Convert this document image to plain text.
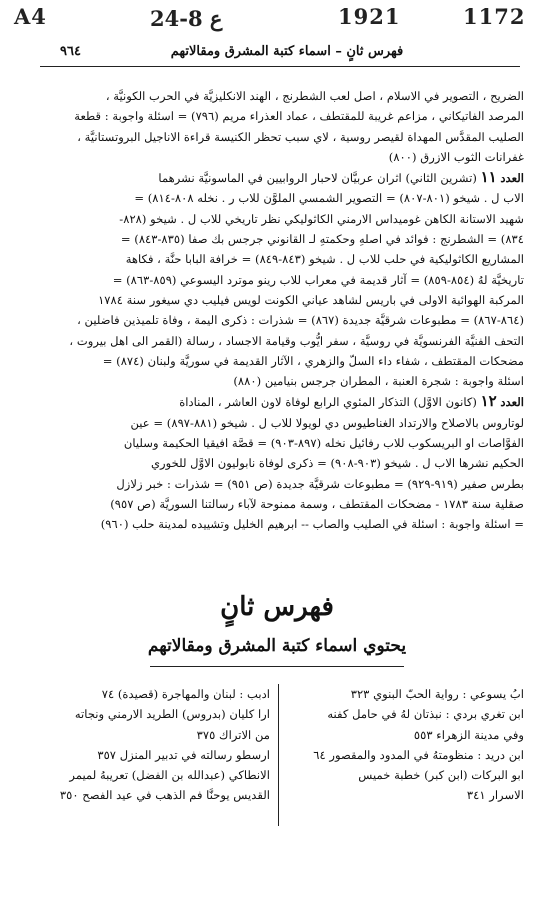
A4	24-8 ع	1921	1172
٩٦٤	فهرس ثانٍ – اسماء كتبة المشرق ومقالاتهم

الضريح ، التصوير في الاسلام ، اصل لعب الشطرنج ، الهند الانكليزيَّة في الحرب الكونيَّة ،

المرصد الفاتيكاني ، مزاعم غريبة للمقتطف ، عماد العذراء مريم (٧٩٦) = اسئلة واجوبة : قطعة

الصليب المقدَّس المهداة لقيصر روسية ، لاي سبب تحظر الكنيسة قراءة الاناجيل البروتستانيَّة ،

غفرانات الثوب الازرق (٨٠٠)

العدد ١١ (تشرين الثاني) اثران عربيَّان لاحبار الروابيين في الماسونيَّة نشرهما

الاب ل . شيخو (٨٠١-٨٠٧) = التصوير الشمسي الملوَّن للاب ر . نخله ٨٠٨-٨١٤) =

شهيد الاستانة الكاهن غوميداس الارمني الكاثوليكي نظر تاريخي للاب ل . شيخو (٨٢٨-

٨٣٤) = الشطرنج : فوائد في اصلهِ وحكمتهِ لـ القانوني جرجس بك صفا (٨٣٥-٨٤٣) =

المشاريع الكاثوليكية في حلب للاب ل . شيخو (٨٤٣-٨٤٩) = خرافة البابا حنَّة ، فكاهة

تاريخيَّة لهُ (٨٥٤-٨٥٩) = آثار قديمة في معراب للاب رينو موترد اليسوعي (٨٥٩-٨٦٣) =

المركبة الهوائية الاولى في باريس لشاهد عياني الكونت لويس فيليب دي سيغور سنة ١٧٨٤

(٨٦٤-٨٦٧) = مطبوعات شرقيَّة جديدة (٨٦٧) = شذرات : ذكرى اليمة ، وفاة تلميذين فاضلين ،

التحف الفنيَّة الفرنسويَّة في روسيَّة ، سفر ايُّوب وقيامة الاجساد ، رسالة (القمر الى اهل بيروت ،

مضحكات المقتطف ، شفاء داء السلّ والزهري ، الآثار القديمة في سوريَّة ولبنان (٨٧٤) =

اسئلة واجوبة : شجرة العنبة ، المطران جرجس بنيامين (٨٨٠)

العدد ١٢ (كانون الاوَّل) التذكار المئوي الرابع لوفاة لاون العاشر ، المناداة

لوتاروس بالاصلاح والارتداد الغناطيوس دي لويولا للاب ل . شيخو (٨٨١-٨٩٧) = عين

الفوَّاصات او البريسكوب للاب رفائيل نخله (٨٩٧-٩٠٣) = قصَّة افيقيا الحكيمة وسليان

الحكيم نشرها الاب ل . شيخو (٩٠٣-٩٠٨) = ذكرى لوفاة نابوليون الاوَّل للخوري

بطرس صفير (٩١٩-٩٢٩) = مطبوعات شرقيَّة جديدة (ص ٩٥١) = شذرات : خبر زلازل

صقلية سنة ١٧٨٣ - مضحكات المقتطف ، وسمة ممنوحة لآباء رسالتنا السوريَّة (ص ٩٥٧)

= اسئلة واجوبة : اسئلة في الصليب والصاب -- ابرهيم الخليل وتشييده لمدينة حلب (٩٦٠)

فهرس ثانٍ
يحتوي اسماء كتبة المشرق ومقالاتهم

ابُ يسوعي : رواية الحبّ البنوي ٣٢٣

ابن تغري بردي : نبذتان لهُ في حامل كفنه

وفي مدينة الزهراء ٥٥٣

ابن دريد : منظومتهُ في المدود والمقصور ٦٤

ابو البركات (ابن كبر) خطبة خميس

الاسرار ٣٤١

ادبب : لبنان والمهاجرة (قصيدة) ٧٤

ارا كليان (بدروس) الطريد الارمني ونجاته

من الاتراك ٣٧٥

ارسطو رسالته في تدبير المنزل ٣٥٧

الانطاكي (عبدالله بن الفضل) تعريبهُ لميمر

القديس يوحنَّا فم الذهب في عيد الفصح ٣٥٠
